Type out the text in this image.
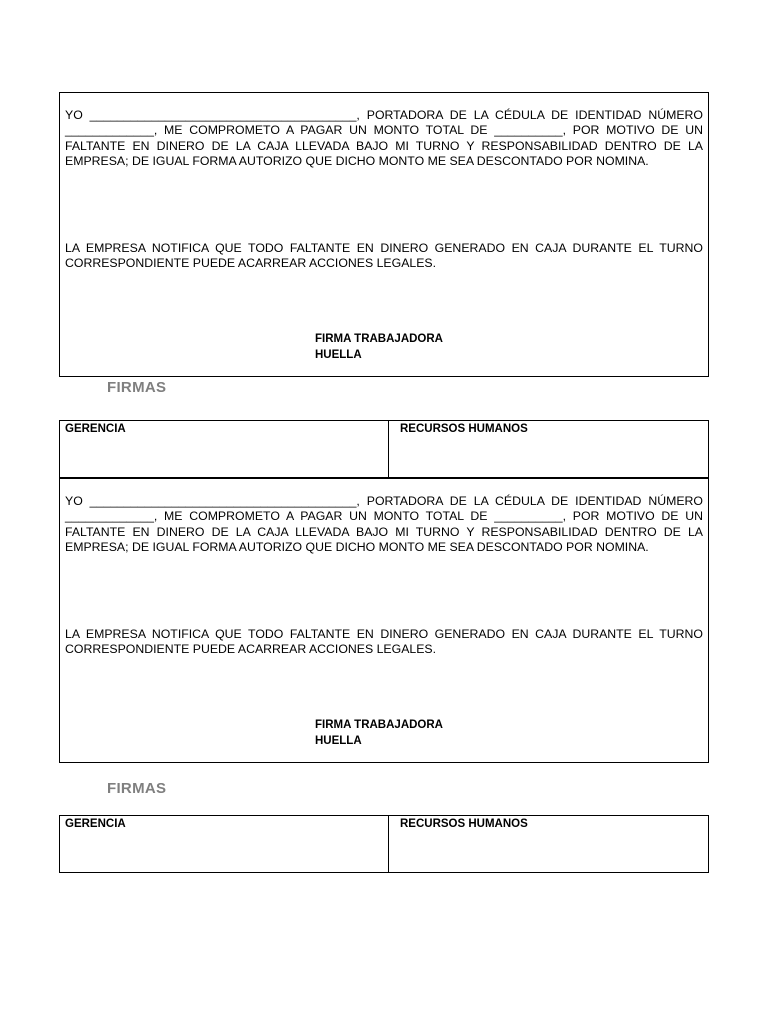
YO _______________________________________, PORTADORA DE LA CÉDULA DE IDENTIDAD NÚMERO _____________, ME COMPROMETO A PAGAR UN MONTO TOTAL DE __________, POR MOTIVO DE UN FALTANTE EN DINERO DE LA CAJA LLEVADA BAJO MI TURNO Y RESPONSABILIDAD DENTRO DE LA EMPRESA; DE IGUAL FORMA AUTORIZO QUE DICHO MONTO ME SEA DESCONTADO POR NOMINA.
LA EMPRESA NOTIFICA QUE TODO FALTANTE EN DINERO GENERADO EN CAJA DURANTE EL TURNO CORRESPONDIENTE PUEDE ACARREAR ACCIONES LEGALES.
FIRMA TRABAJADORA
HUELLA
FIRMAS
GERENCIA	RECURSOS HUMANOS
YO _______________________________________, PORTADORA DE LA CÉDULA DE IDENTIDAD NÚMERO _____________, ME COMPROMETO A PAGAR UN MONTO TOTAL DE __________, POR MOTIVO DE UN FALTANTE EN DINERO DE LA CAJA LLEVADA BAJO MI TURNO Y RESPONSABILIDAD DENTRO DE LA EMPRESA; DE IGUAL FORMA AUTORIZO QUE DICHO MONTO ME SEA DESCONTADO POR NOMINA.
LA EMPRESA NOTIFICA QUE TODO FALTANTE EN DINERO GENERADO EN CAJA DURANTE EL TURNO CORRESPONDIENTE PUEDE ACARREAR ACCIONES LEGALES.
FIRMA TRABAJADORA
HUELLA
FIRMAS
GERENCIA	RECURSOS HUMANOS
